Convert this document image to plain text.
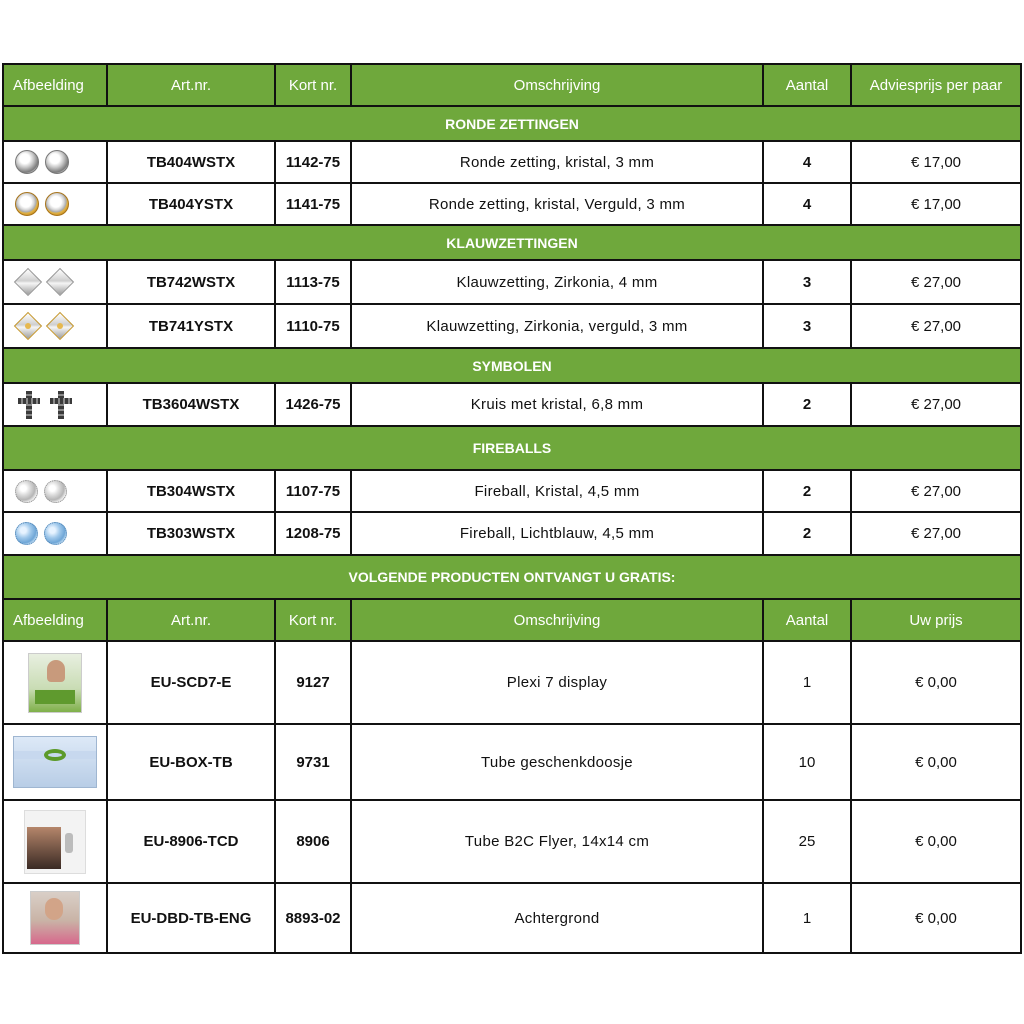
Afbeelding	Art.nr.	Kort nr.	Omschrijving	Aantal	Adviesprijs per paar
RONDE ZETTINGEN					

	TB404WSTX	1142-75	Ronde zetting, kristal, 3 mm	4	€ 17,00

	TB404YSTX	1141-75	Ronde zetting, kristal, Verguld, 3 mm	4	€ 17,00
KLAUWZETTINGEN					

	TB742WSTX	1113-75	Klauwzetting, Zirkonia, 4 mm	3	€ 27,00

	TB741YSTX	1110-75	Klauwzetting, Zirkonia, verguld, 3 mm	3	€ 27,00
SYMBOLEN					

	TB3604WSTX	1426-75	Kruis met kristal, 6,8 mm	2	€ 27,00
FIREBALLS					

	TB304WSTX	1107-75	Fireball, Kristal, 4,5 mm	2	€ 27,00

	TB303WSTX	1208-75	Fireball, Lichtblauw, 4,5 mm	2	€ 27,00
VOLGENDE PRODUCTEN ONTVANGT U GRATIS:					
Afbeelding	Art.nr.	Kort nr.	Omschrijving	Aantal	Uw prijs

	EU-SCD7-E	9127	Plexi 7 display	1	€ 0,00

	EU-BOX-TB	9731	Tube geschenkdoosje	10	€ 0,00

	EU-8906-TCD	8906	Tube B2C Flyer, 14x14 cm	25	€ 0,00

	EU-DBD-TB-ENG	8893-02	Achtergrond	1	€ 0,00
